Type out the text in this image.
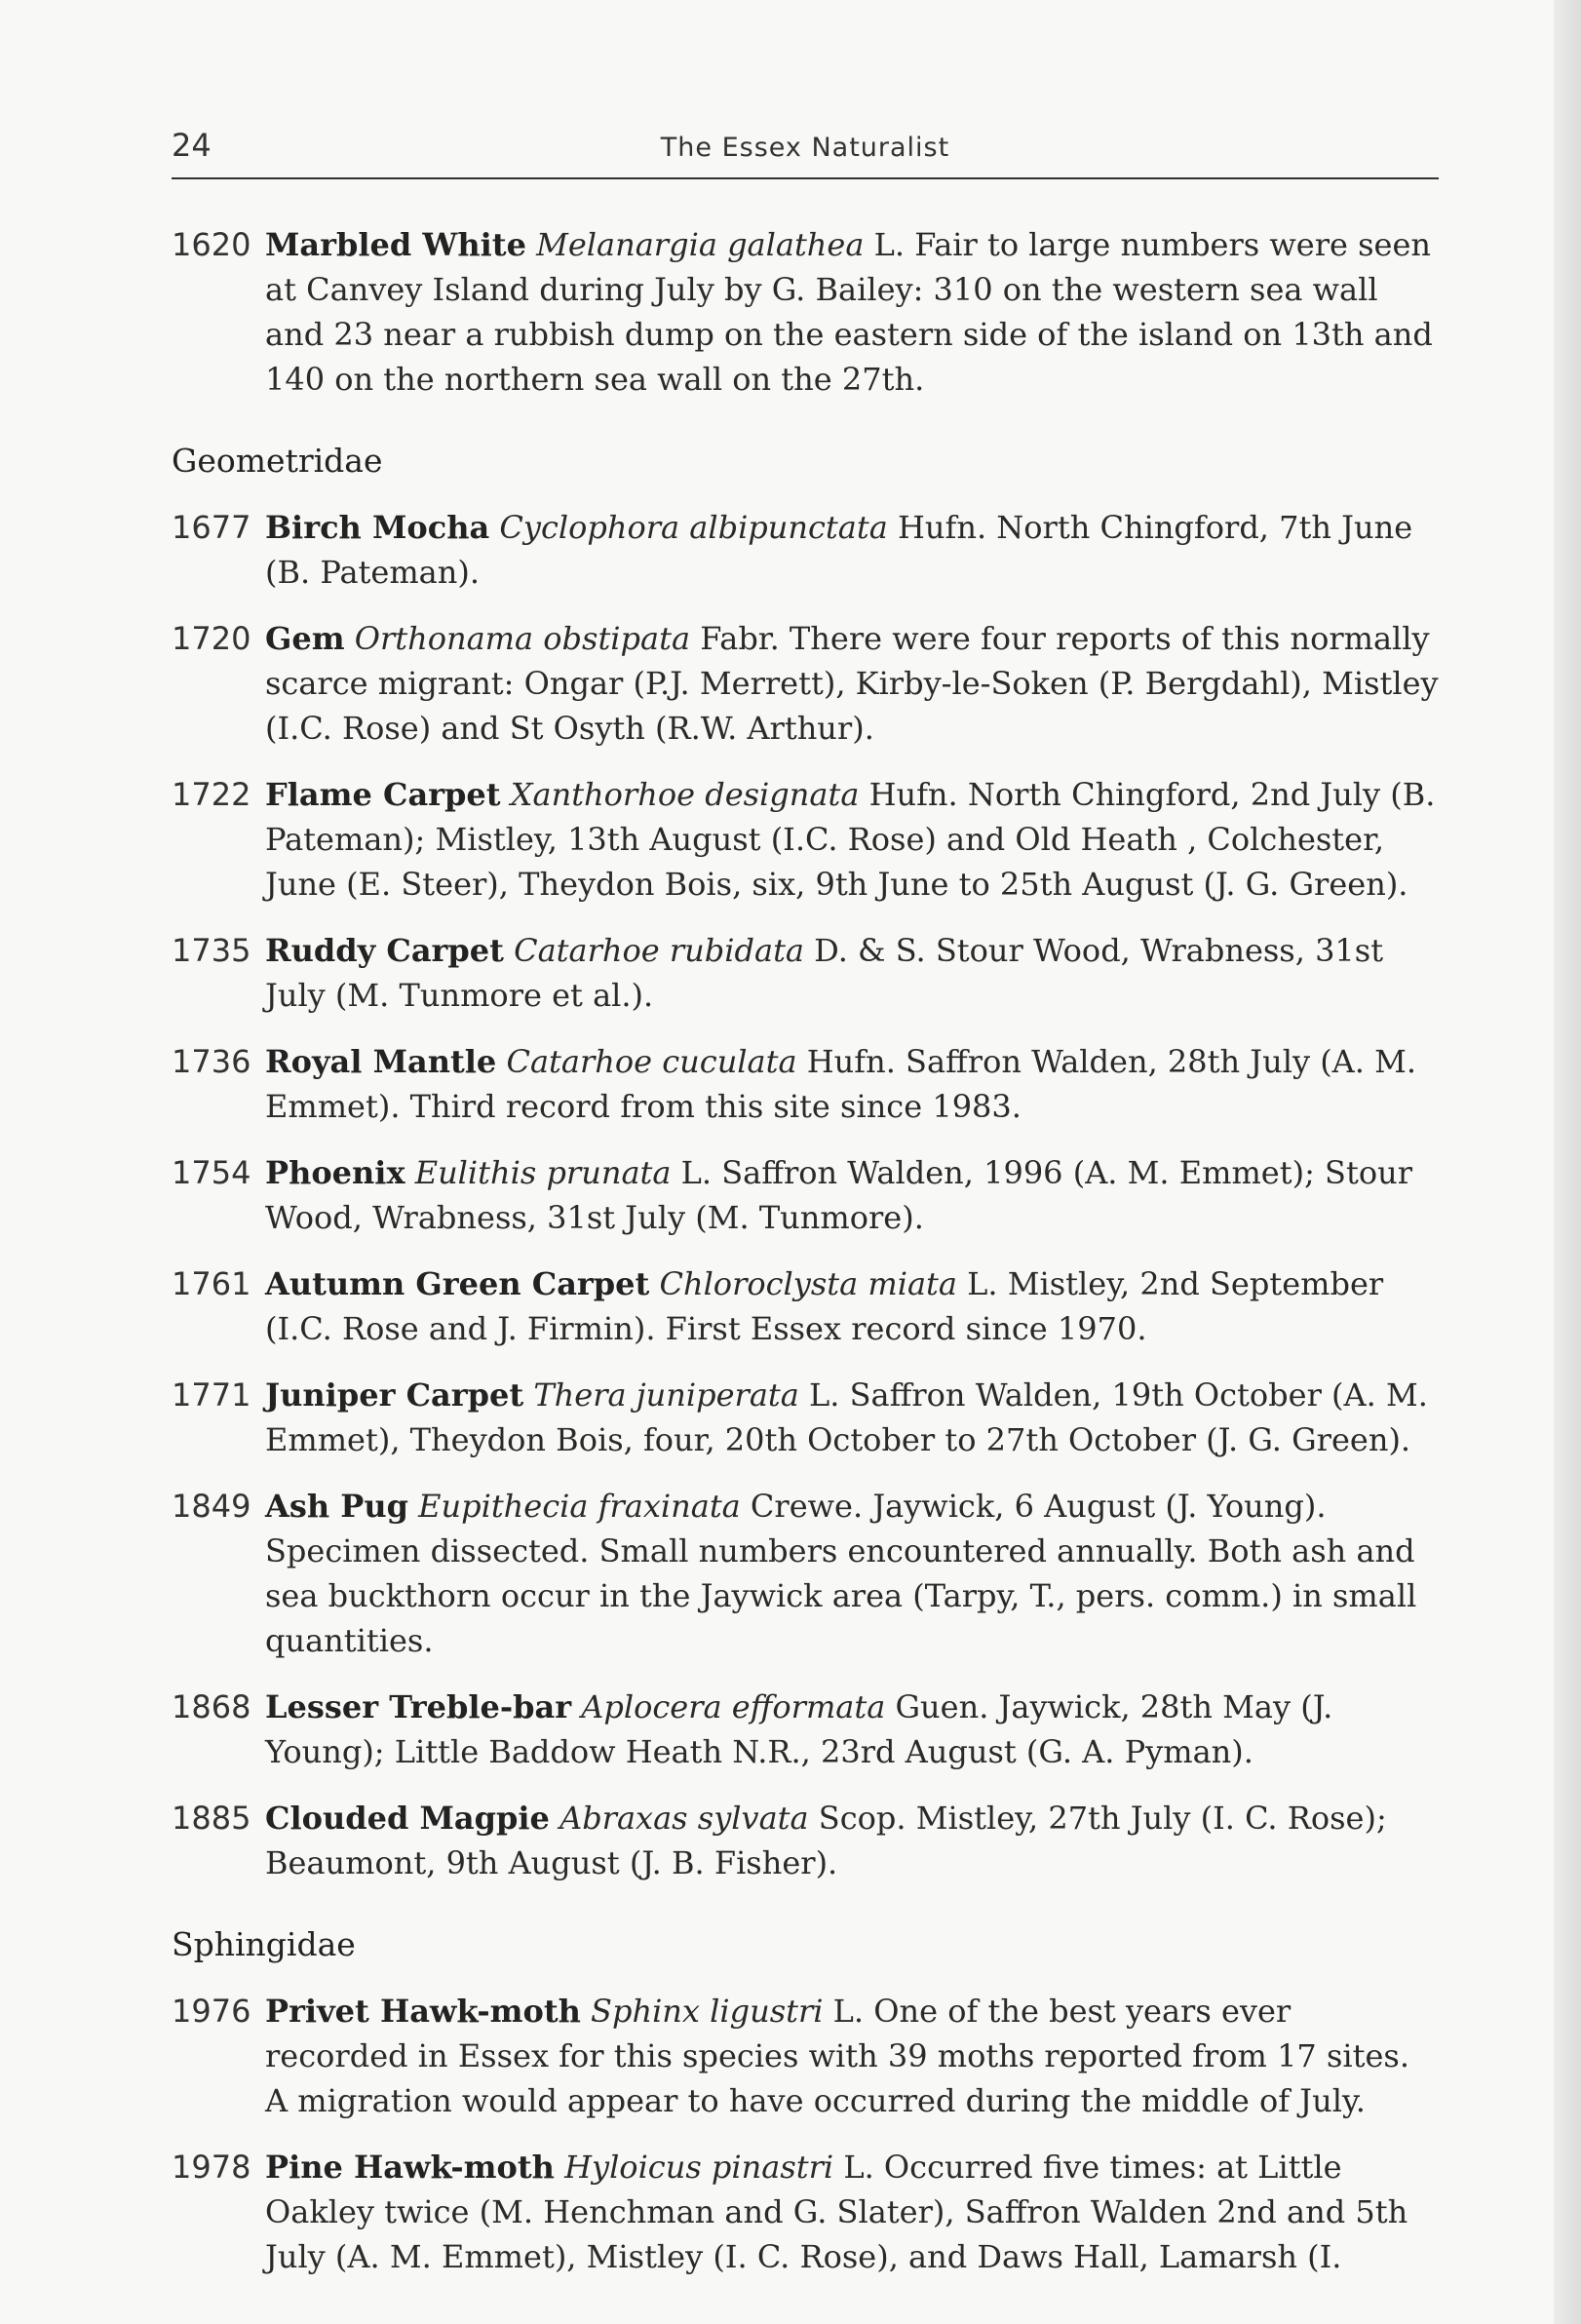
24	The Essex Naturalist
1620 Marbled White Melanargia galathea L. Fair to large numbers were seen at Canvey Island during July by G. Bailey: 310 on the western sea wall and 23 near a rubbish dump on the eastern side of the island on 13th and 140 on the northern sea wall on the 27th.
Geometridae
1677 Birch Mocha Cyclophora albipunctata Hufn. North Chingford, 7th June (B. Pateman).
1720 Gem Orthonama obstipata Fabr. There were four reports of this normally scarce migrant: Ongar (P.J. Merrett), Kirby-le-Soken (P. Bergdahl), Mistley (I.C. Rose) and St Osyth (R.W. Arthur).
1722 Flame Carpet Xanthorhoe designata Hufn. North Chingford, 2nd July (B. Pateman); Mistley, 13th August (I.C. Rose) and Old Heath , Colchester, June (E. Steer), Theydon Bois, six, 9th June to 25th August (J. G. Green).
1735 Ruddy Carpet Catarhoe rubidata D. & S. Stour Wood, Wrabness, 31st July (M. Tunmore et al.).
1736 Royal Mantle Catarhoe cuculata Hufn. Saffron Walden, 28th July (A. M. Emmet). Third record from this site since 1983.
1754 Phoenix Eulithis prunata L. Saffron Walden, 1996 (A. M. Emmet); Stour Wood, Wrabness, 31st July (M. Tunmore).
1761 Autumn Green Carpet Chloroclysta miata L. Mistley, 2nd September (I.C. Rose and J. Firmin). First Essex record since 1970.
1771 Juniper Carpet Thera juniperata L. Saffron Walden, 19th October (A. M. Emmet), Theydon Bois, four, 20th October to 27th October (J. G. Green).
1849 Ash Pug Eupithecia fraxinata Crewe. Jaywick, 6 August (J. Young). Specimen dissected. Small numbers encountered annually. Both ash and sea buckthorn occur in the Jaywick area (Tarpy, T., pers. comm.) in small quantities.
1868 Lesser Treble-bar Aplocera efformata Guen. Jaywick, 28th May (J. Young); Little Baddow Heath N.R., 23rd August (G. A. Pyman).
1885 Clouded Magpie Abraxas sylvata Scop. Mistley, 27th July (I. C. Rose); Beaumont, 9th August (J. B. Fisher).
Sphingidae
1976 Privet Hawk-moth Sphinx ligustri L. One of the best years ever recorded in Essex for this species with 39 moths reported from 17 sites. A migration would appear to have occurred during the middle of July.
1978 Pine Hawk-moth Hyloicus pinastri L. Occurred five times: at Little Oakley twice (M. Henchman and G. Slater), Saffron Walden 2nd and 5th July (A. M. Emmet), Mistley (I. C. Rose), and Daws Hall, Lamarsh (I.
